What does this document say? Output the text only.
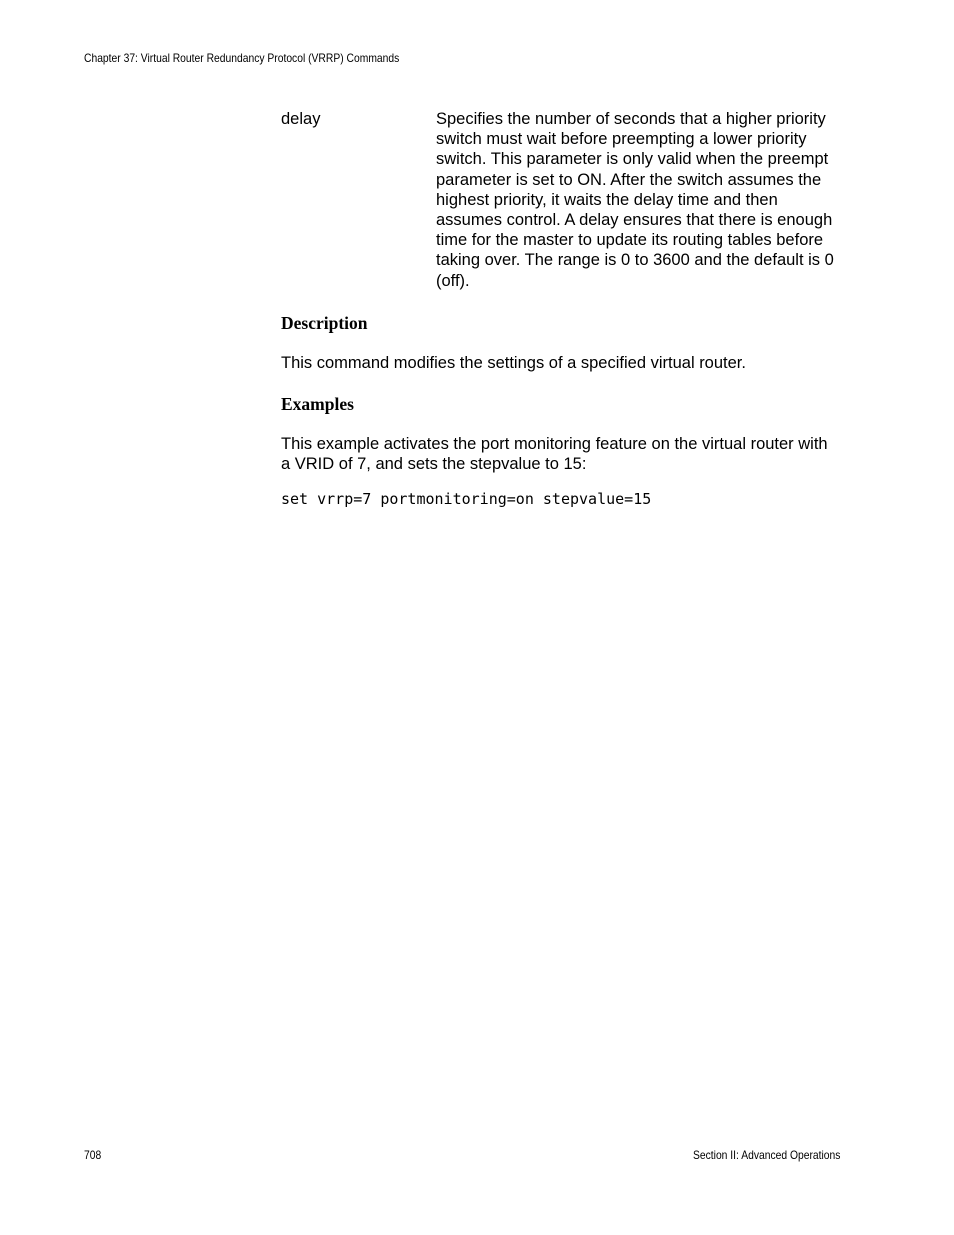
Chapter 37: Virtual Router Redundancy Protocol (VRRP) Commands
delay	Specifies the number of seconds that a higher priority switch must wait before preempting a lower priority switch. This parameter is only valid when the preempt parameter is set to ON. After the switch assumes the highest priority, it waits the delay time and then assumes control. A delay ensures that there is enough time for the master to update its routing tables before taking over. The range is 0 to 3600 and the default is 0 (off).

Description

This command modifies the settings of a specified virtual router.

Examples

This example activates the port monitoring feature on the virtual router with a VRID of 7, and sets the stepvalue to 15:

set vrrp=7 portmonitoring=on stepvalue=15
708	Section II: Advanced Operations
